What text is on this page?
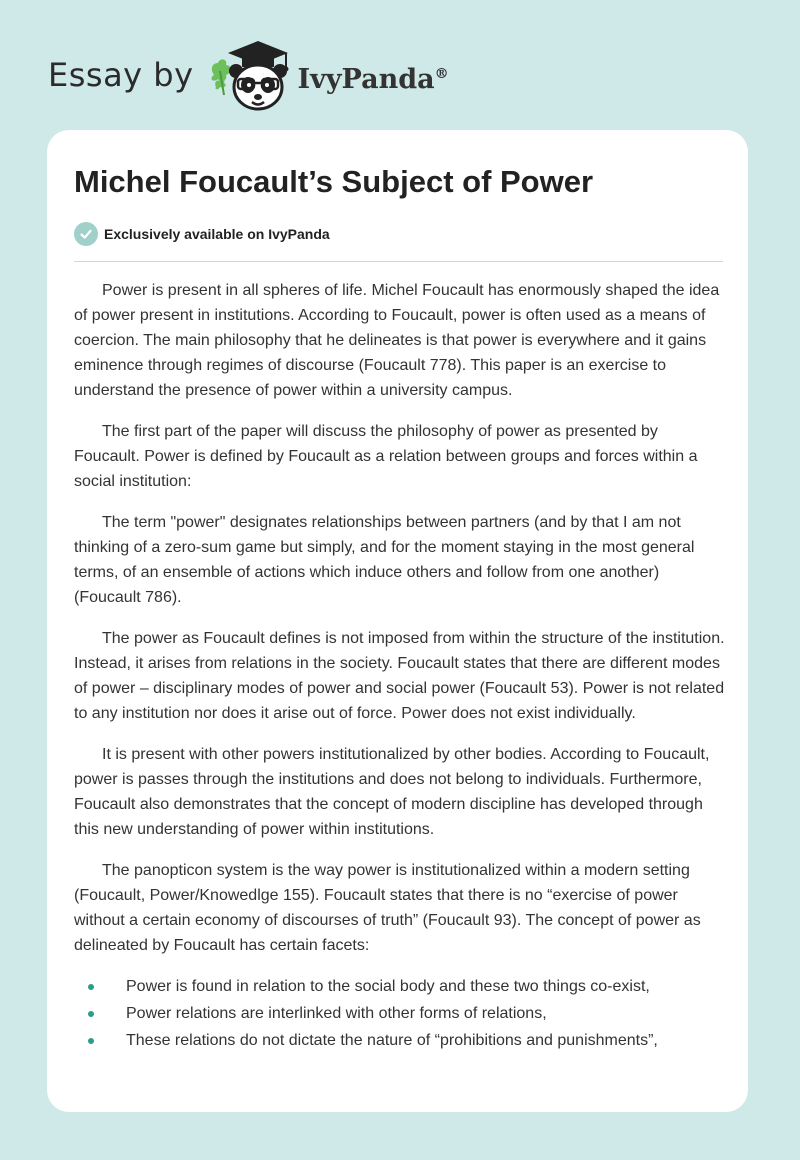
Essay by	IvyPanda®
Michel Foucault’s Subject of Power
Exclusively available on IvyPanda

Power is present in all spheres of life. Michel Foucault has enormously shaped the idea of power present in institutions. According to Foucault, power is often used as a means of coercion. The main philosophy that he delineates is that power is everywhere and it gains eminence through regimes of discourse (Foucault 778). This paper is an exercise to understand the presence of power within a university campus.

The first part of the paper will discuss the philosophy of power as presented by Foucault. Power is defined by Foucault as a relation between groups and forces within a social institution:

The term "power" designates relationships between partners (and by that I am not thinking of a zero-sum game but simply, and for the moment staying in the most general terms, of an ensemble of actions which induce others and follow from one another) (Foucault 786).

The power as Foucault defines is not imposed from within the structure of the institution. Instead, it arises from relations in the society. Foucault states that there are different modes of power – disciplinary modes of power and social power (Foucault 53). Power is not related to any institution nor does it arise out of force. Power does not exist individually.

It is present with other powers institutionalized by other bodies. According to Foucault, power is passes through the institutions and does not belong to individuals. Furthermore, Foucault also demonstrates that the concept of modern discipline has developed through this new understanding of power within institutions.

The panopticon system is the way power is institutionalized within a modern setting (Foucault, Power/Knowedlge 155). Foucault states that there is no “exercise of power without a certain economy of discourses of truth” (Foucault 93). The concept of power as delineated by Foucault has certain facets:

Power is found in relation to the social body and these two things co-exist,
Power relations are interlinked with other forms of relations,
These relations do not dictate the nature of “prohibitions and punishments”,
